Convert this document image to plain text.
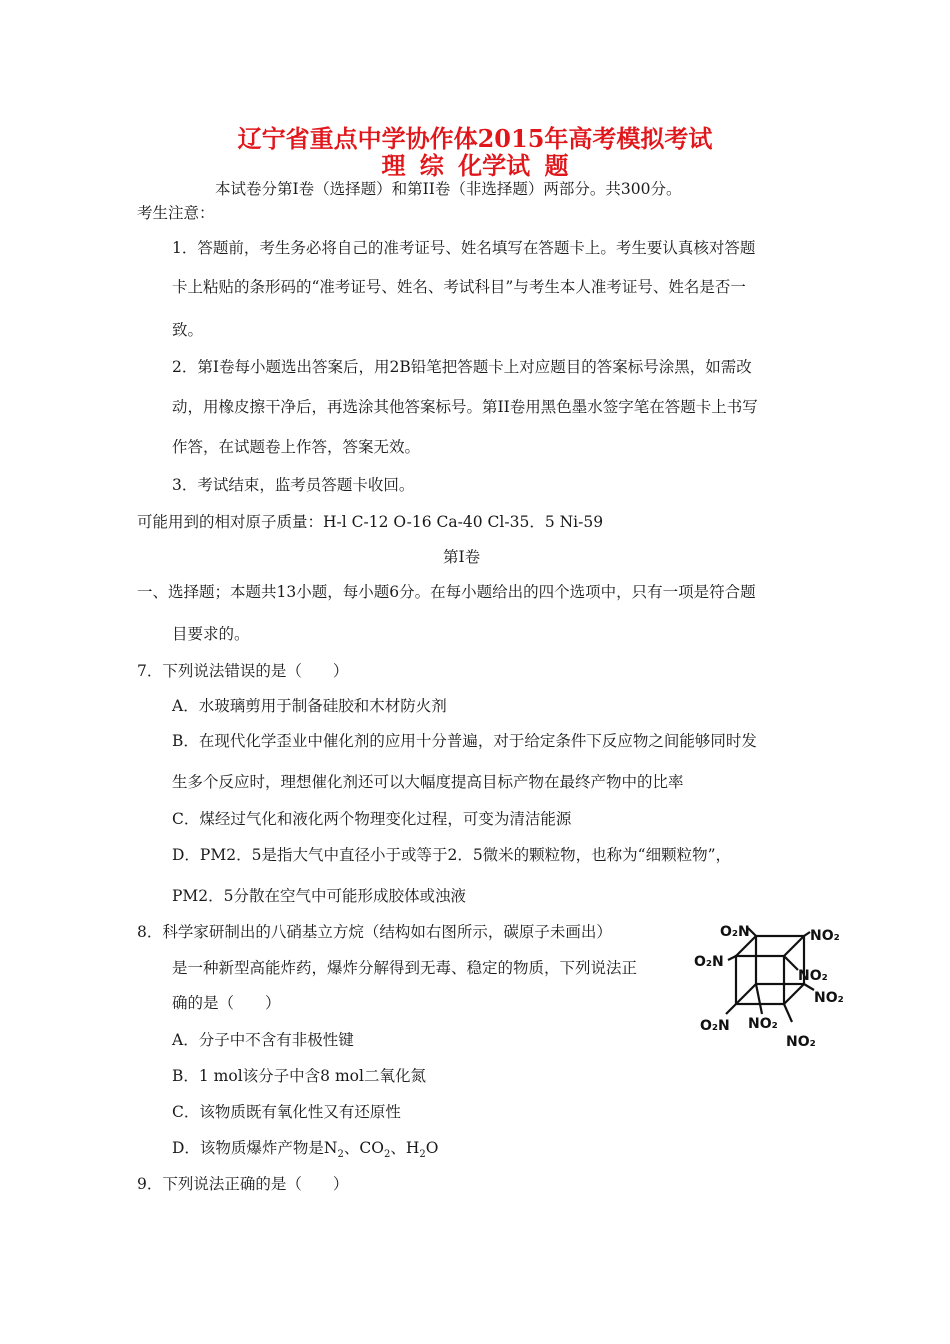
辽宁省重点中学协作体2015年高考模拟考试
理 综 化学试 题
本试卷分第Ⅰ卷（选择题）和第II卷（非选择题）两部分。共300分。
考生注意：
1．答题前，考生务必将自己的准考证号、姓名填写在答题卡上。考生要认真核对答题
卡上粘贴的条形码的“准考证号、姓名、考试科目”与考生本人准考证号、姓名是否一
致。
2．第Ⅰ卷每小题选出答案后，用2B铅笔把答题卡上对应题目的答案标号涂黑，如需改
动，用橡皮擦干净后，再选涂其他答案标号。第II卷用黑色墨水签字笔在答题卡上书写
作答，在试题卷上作答，答案无效。
3．考试结束，监考员答题卡收回。
可能用到的相对原子质量：H-l C-12 O-16 Ca-40 Cl-35．5 Ni-59
第Ⅰ卷
一、选择题；本题共13小题，每小题6分。在每小题给出的四个选项中，只有一项是符合题
目要求的。
7．下列说法错误的是（　　）
A．水玻璃剪用于制备硅胶和木材防火剂
B．在现代化学歪业中催化剂的应用十分普遍，对于给定条件下反应物之间能够同时发
生多个反应时，理想催化剂还可以大幅度提高目标产物在最终产物中的比率
C．煤经过气化和液化两个物理变化过程，可变为清洁能源
D．PM2．5是指大气中直径小于或等于2．5微米的颗粒物，也称为“细颗粒物”，
PM2．5分散在空气中可能形成胶体或浊液
8．科学家研制出的八硝基立方烷（结构如右图所示，碳原子未画出）
是一种新型高能炸药，爆炸分解得到无毒、稳定的物质，下列说法正
确的是（　　）
A．分子中不含有非极性键
B．1 mol该分子中含8 mol二氧化氮
C．该物质既有氧化性又有还原性
D．该物质爆炸产物是$N_2$、$CO_2$、$H_2O$
9．下列说法正确的是（　　）
O₂N	NO₂
O₂N
NO₂
NO₂
O₂N NO₂
NO₂
